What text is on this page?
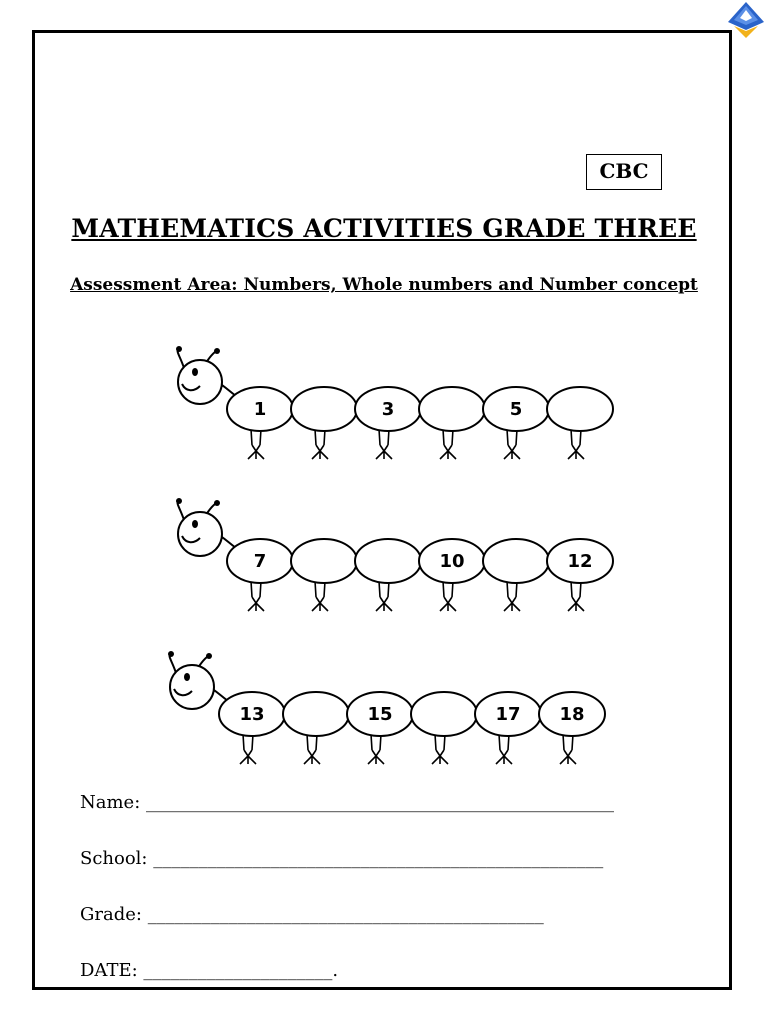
CBC
MATHEMATICS ACTIVITIES GRADE THREE
Assessment Area: Numbers, Whole numbers and Number concept
1	3	5
7	10	12
13	15	17 18
Name: ____________________________________________________
School: __________________________________________________
Grade: ____________________________________________
DATE: _____________________.
